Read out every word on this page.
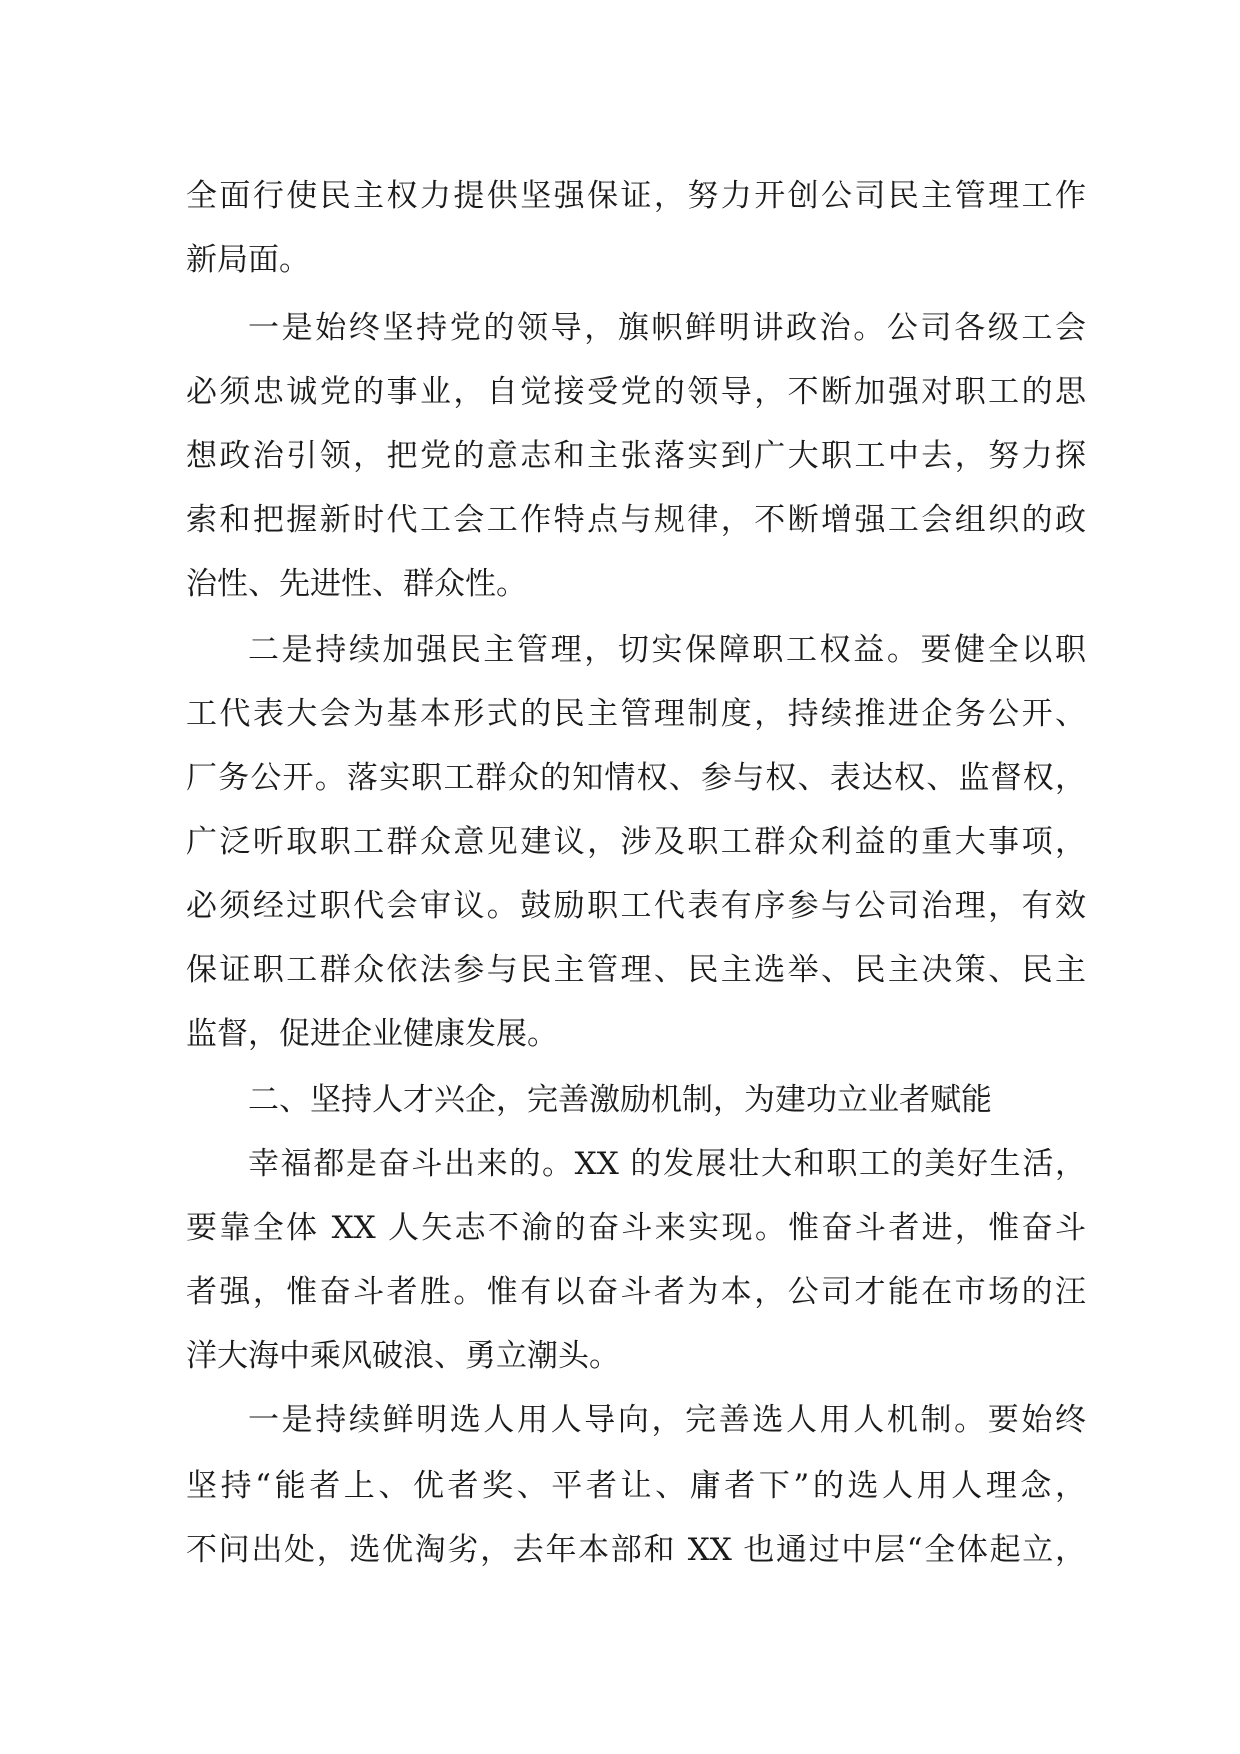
全面行使民主权力提供坚强保证，努力开创公司民主管理工作
新局面。
一是始终坚持党的领导，旗帜鲜明讲政治。公司各级工会
必须忠诚党的事业，自觉接受党的领导，不断加强对职工的思
想政治引领，把党的意志和主张落实到广大职工中去，努力探
索和把握新时代工会工作特点与规律，不断增强工会组织的政
治性、先进性、群众性。
二是持续加强民主管理，切实保障职工权益。要健全以职
工代表大会为基本形式的民主管理制度，持续推进企务公开、
厂务公开。落实职工群众的知情权、参与权、表达权、监督权，
广泛听取职工群众意见建议，涉及职工群众利益的重大事项，
必须经过职代会审议。鼓励职工代表有序参与公司治理，有效
保证职工群众依法参与民主管理、民主选举、民主决策、民主
监督，促进企业健康发展。
二、坚持人才兴企，完善激励机制，为建功立业者赋能
幸福都是奋斗出来的。XX 的发展壮大和职工的美好生活，
要靠全体 XX 人矢志不渝的奋斗来实现。惟奋斗者进，惟奋斗
者强，惟奋斗者胜。惟有以奋斗者为本，公司才能在市场的汪
洋大海中乘风破浪、勇立潮头。
一是持续鲜明选人用人导向，完善选人用人机制。要始终
坚持“能者上、优者奖、平者让、庸者下”的选人用人理念，
不问出处，选优淘劣，去年本部和 XX 也通过中层“全体起立，
